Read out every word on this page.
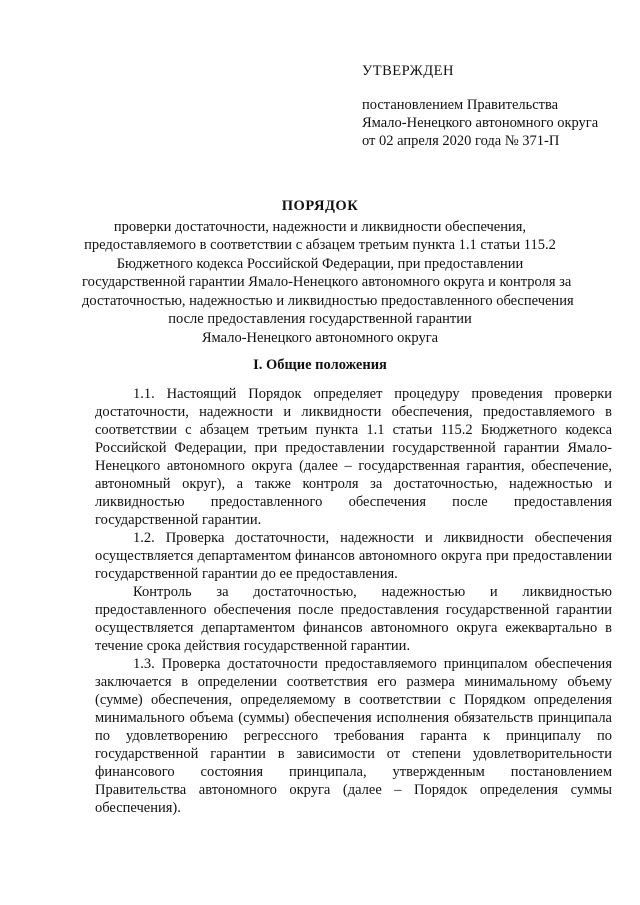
УТВЕРЖДЕН
постановлением Правительства
Ямало-Ненецкого автономного округа
от 02 апреля 2020 года № 371-П
ПОРЯДОК
проверки достаточности, надежности и ликвидности обеспечения,
предоставляемого в соответствии с абзацем третьим пункта 1.1 статьи 115.2
Бюджетного кодекса Российской Федерации, при предоставлении
государственной гарантии Ямало-Ненецкого автономного округа и контроля за
достаточностью, надежностью и ликвидностью предоставленного обеспечения
после предоставления государственной гарантии
Ямало-Ненецкого автономного округа
I. Общие положения

1.1. Настоящий Порядок определяет процедуру проведения проверки достаточности, надежности и ликвидности обеспечения, предоставляемого в соответствии с абзацем третьим пункта 1.1 статьи 115.2 Бюджетного кодекса Российской Федерации, при предоставлении государственной гарантии Ямало-Ненецкого автономного округа (далее – государственная гарантия, обеспечение, автономный округ), а также контроля за достаточностью, надежностью и ликвидностью предоставленного обеспечения после предоставления государственной гарантии.

1.2. Проверка достаточности, надежности и ликвидности обеспечения осуществляется департаментом финансов автономного округа при предоставлении государственной гарантии до ее предоставления.

Контроль за достаточностью, надежностью и ликвидностью предоставленного обеспечения после предоставления государственной гарантии осуществляется департаментом финансов автономного округа ежеквартально в течение срока действия государственной гарантии.

1.3. Проверка достаточности предоставляемого принципалом обеспечения заключается в определении соответствия его размера минимальному объему (сумме) обеспечения, определяемому в соответствии с Порядком определения минимального объема (суммы) обеспечения исполнения обязательств принципала по удовлетворению регрессного требования гаранта к принципалу по государственной гарантии в зависимости от степени удовлетворительности финансового состояния принципала, утвержденным постановлением Правительства автономного округа (далее – Порядок определения суммы обеспечения).
